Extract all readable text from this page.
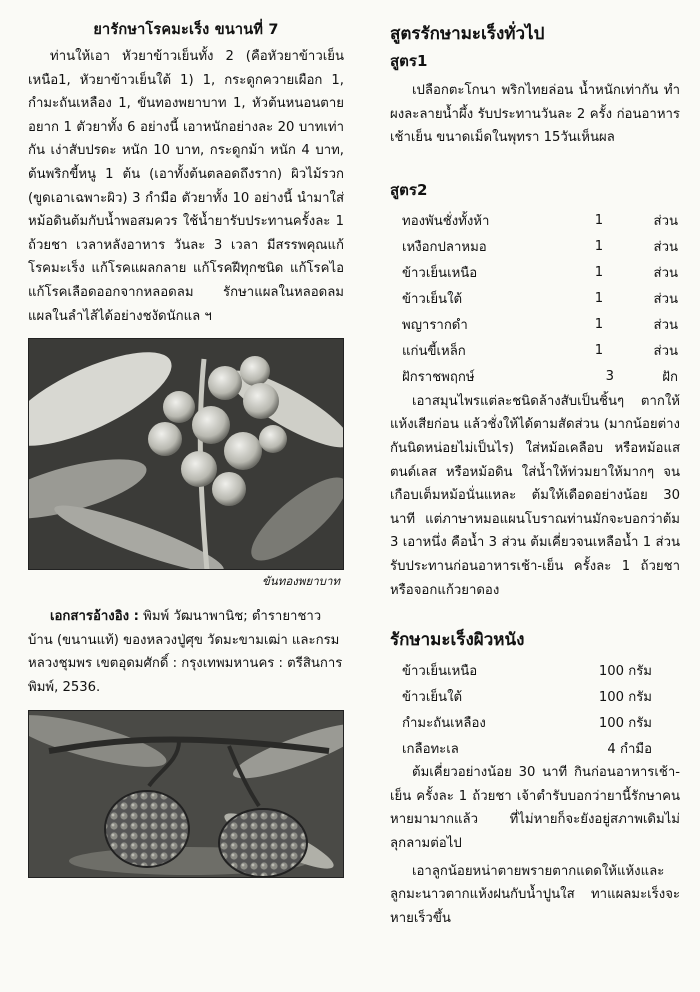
ยารักษาโรคมะเร็ง ขนานที่ 7

ท่านให้เอา หัวยาข้าวเย็นทั้ง 2 (คือหัวยาข้าวเย็นเหนือ1, หัวยาข้าวเย็นใต้ 1) 1, กระดูกควายเผือก 1, กำมะถันเหลือง 1, ขันทองพยาบาท 1, หัวต้นหนอนตายอยาก 1 ตัวยาทั้ง 6 อย่างนี้ เอาหนักอย่างละ 20 บาทเท่ากัน เง่าสับปรดะ หนัก 10 บาท, กระดูกม้า หนัก 4 บาท, ต้นพริกขี้หนู 1 ต้น (เอาทั้งต้นตลอดถึงราก) ผิวไม้รวก (ขูดเอาเฉพาะผิว) 3 กำมือ ตัวยาทั้ง 10 อย่างนี้ นำมาใส่หม้อดินต้มกับน้ำพอสมควร ใช้น้ำยารับประทานครั้งละ 1 ถ้วยชา เวลาหลังอาหาร วันละ 3 เวลา มีสรรพคุณแก้โรคมะเร็ง แก้โรคแผลกลาย แก้โรคฝีทุกชนิด แก้โรคไอ แก้โรคเลือดออกจากหลอดลม รักษาแผลในหลอดลม แผลในลำไส้ได้อย่างชงัดนักแล ฯ

ขันทองพยาบาท

เอกสารอ้างอิง : พิมพ์ วัฒนาพานิช; ตำรายาชาวบ้าน (ขนานแท้) ของหลวงปู่ศุข วัดมะขามเฒ่า และกรมหลวงชุมพร เขตอุดมศักดิ์ : กรุงเทพมหานคร : ตรีสินการพิมพ์, 2536.

สูตรรักษามะเร็งทั่วไป
สูตร1

เปลือกตะโกนา พริกไทยล่อน น้ำหนักเท่ากัน ทำผงละลายน้ำผึ้ง รับประทานวันละ 2 ครั้ง ก่อนอาหารเช้าเย็น ขนาดเม็ดในพุทรา 15วันเห็นผล

สูตร2
ทองพันชั่งทั้งห้า	1	ส่วน
เหงือกปลาหมอ	1	ส่วน
ข้าวเย็นเหนือ	1	ส่วน
ข้าวเย็นใต้	1	ส่วน
พญารากดำ	1	ส่วน
แก่นขี้เหล็ก	1	ส่วน
ฝักราชพฤกษ์	3	ฝัก

เอาสมุนไพรแต่ละชนิดล้างสับเป็นชิ้นๆ ตากให้แห้งเสียก่อน แล้วชั่งให้ได้ตามสัดส่วน (มากน้อยต่างกันนิดหน่อยไม่เป็นไร) ใส่หม้อเคลือบ หรือหม้อแสตนด์เลส หรือหม้อดิน ใส่น้ำให้ท่วมยาให้มากๆ จนเกือบเต็มหม้อนั่นแหละ ต้มให้เดือดอย่างน้อย 30 นาที แต่ภาษาหมอแผนโบราณท่านมักจะบอกว่าต้ม 3 เอาหนึ่ง คือน้ำ 3 ส่วน ต้มเคี่ยวจนเหลือน้ำ 1 ส่วน รับประทานก่อนอาหารเช้า-เย็น ครั้งละ 1 ถ้วยชาหรือจอกแก้วยาดอง

รักษามะเร็งผิวหนัง
ข้าวเย็นเหนือ	100 กรัม
ข้าวเย็นใต้	100 กรัม
กำมะถันเหลือง	100 กรัม
เกลือทะเล	4 กำมือ

ต้มเคี่ยวอย่างน้อย 30 นาที กินก่อนอาหารเช้า-เย็น ครั้งละ 1 ถ้วยชา เจ้าตำรับบอกว่ายานี้รักษาคนหายมามากแล้ว ที่ไม่หายก็จะยังอยู่สภาพเดิมไม่ลุกลามต่อไป

เอาลูกน้อยหน่าตายพรายตากแดดให้แห้งและลูกมะนาวตากแห้งฝนกับน้ำปูนใส ทาแผลมะเร็งจะหายเร็วขึ้น
